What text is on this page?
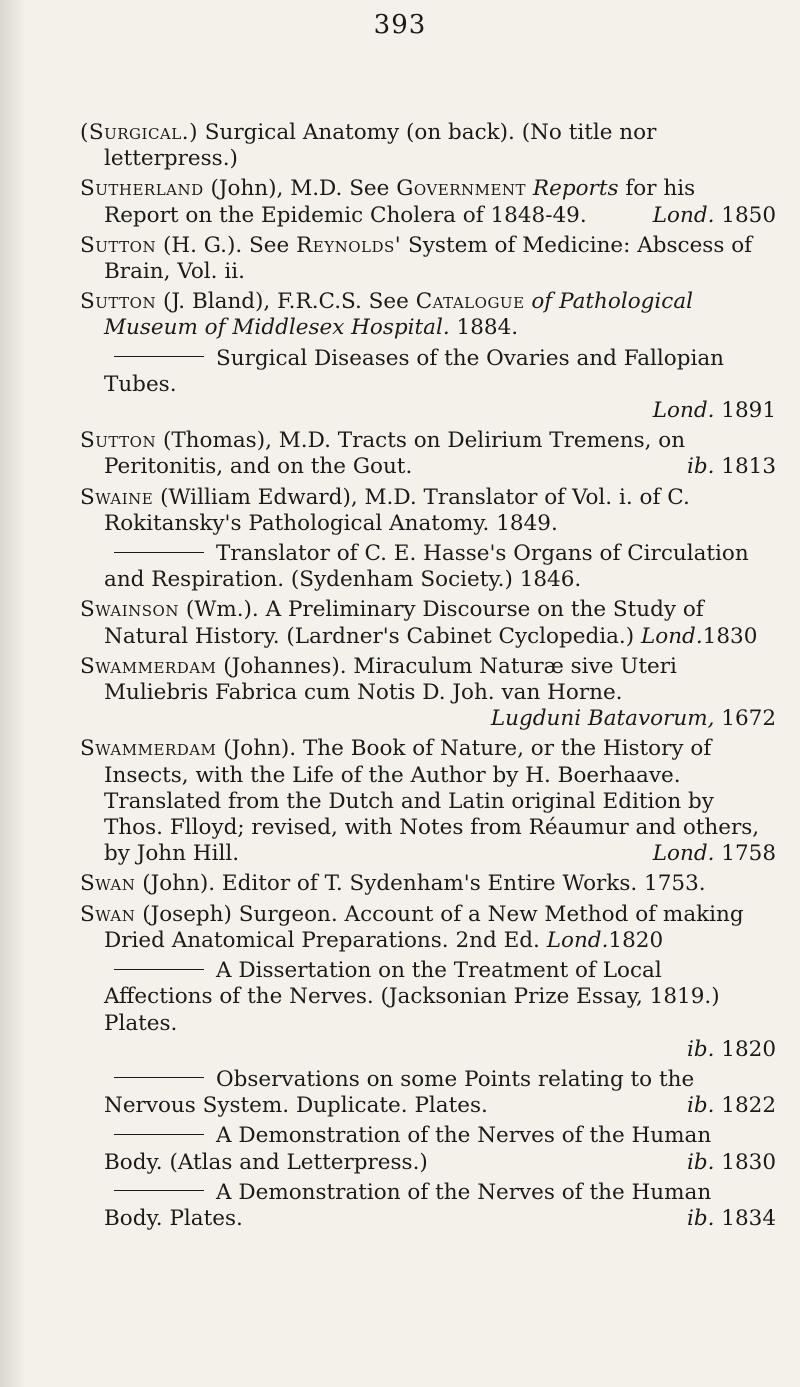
393

(Surgical.) Surgical Anatomy (on back). (No title nor letterpress.)

Sutherland (John), M.D. See Government Reports for his Report on the Epidemic Cholera of 1848-49.	Lond. 1850

Sutton (H. G.). See Reynolds' System of Medicine: Abscess of Brain, Vol. ii.

Sutton (J. Bland), F.R.C.S. See Catalogue of Pathological Museum of Middlesex Hospital. 1884.

Surgical Diseases of the Ovaries and Fallopian Tubes.
Lond. 1891

Sutton (Thomas), M.D. Tracts on Delirium Tremens, on Peritonitis, and on the Gout.	ib. 1813

Swaine (William Edward), M.D. Translator of Vol. i. of C. Rokitansky's Pathological Anatomy. 1849.

Translator of C. E. Hasse's Organs of Circulation and Respiration. (Sydenham Society.) 1846.

Swainson (Wm.). A Preliminary Discourse on the Study of Natural History. (Lardner's Cabinet Cyclopedia.) Lond.1830

Swammerdam (Johannes). Miraculum Naturæ sive Uteri Muliebris Fabrica cum Notis D. Joh. van Horne.
Lugduni Batavorum, 1672

Swammerdam (John). The Book of Nature, or the History of Insects, with the Life of the Author by H. Boerhaave. Translated from the Dutch and Latin original Edition by Thos. Flloyd; revised, with Notes from Réaumur and others, by John Hill.	Lond. 1758

Swan (John). Editor of T. Sydenham's Entire Works. 1753.

Swan (Joseph) Surgeon. Account of a New Method of making Dried Anatomical Preparations. 2nd Ed. Lond.1820

A Dissertation on the Treatment of Local Affections of the Nerves. (Jacksonian Prize Essay, 1819.) Plates.
ib. 1820

Observations on some Points relating to the Nervous System. Duplicate. Plates.	ib. 1822

A Demonstration of the Nerves of the Human Body. (Atlas and Letterpress.)	ib. 1830

A Demonstration of the Nerves of the Human Body. Plates.	ib. 1834
